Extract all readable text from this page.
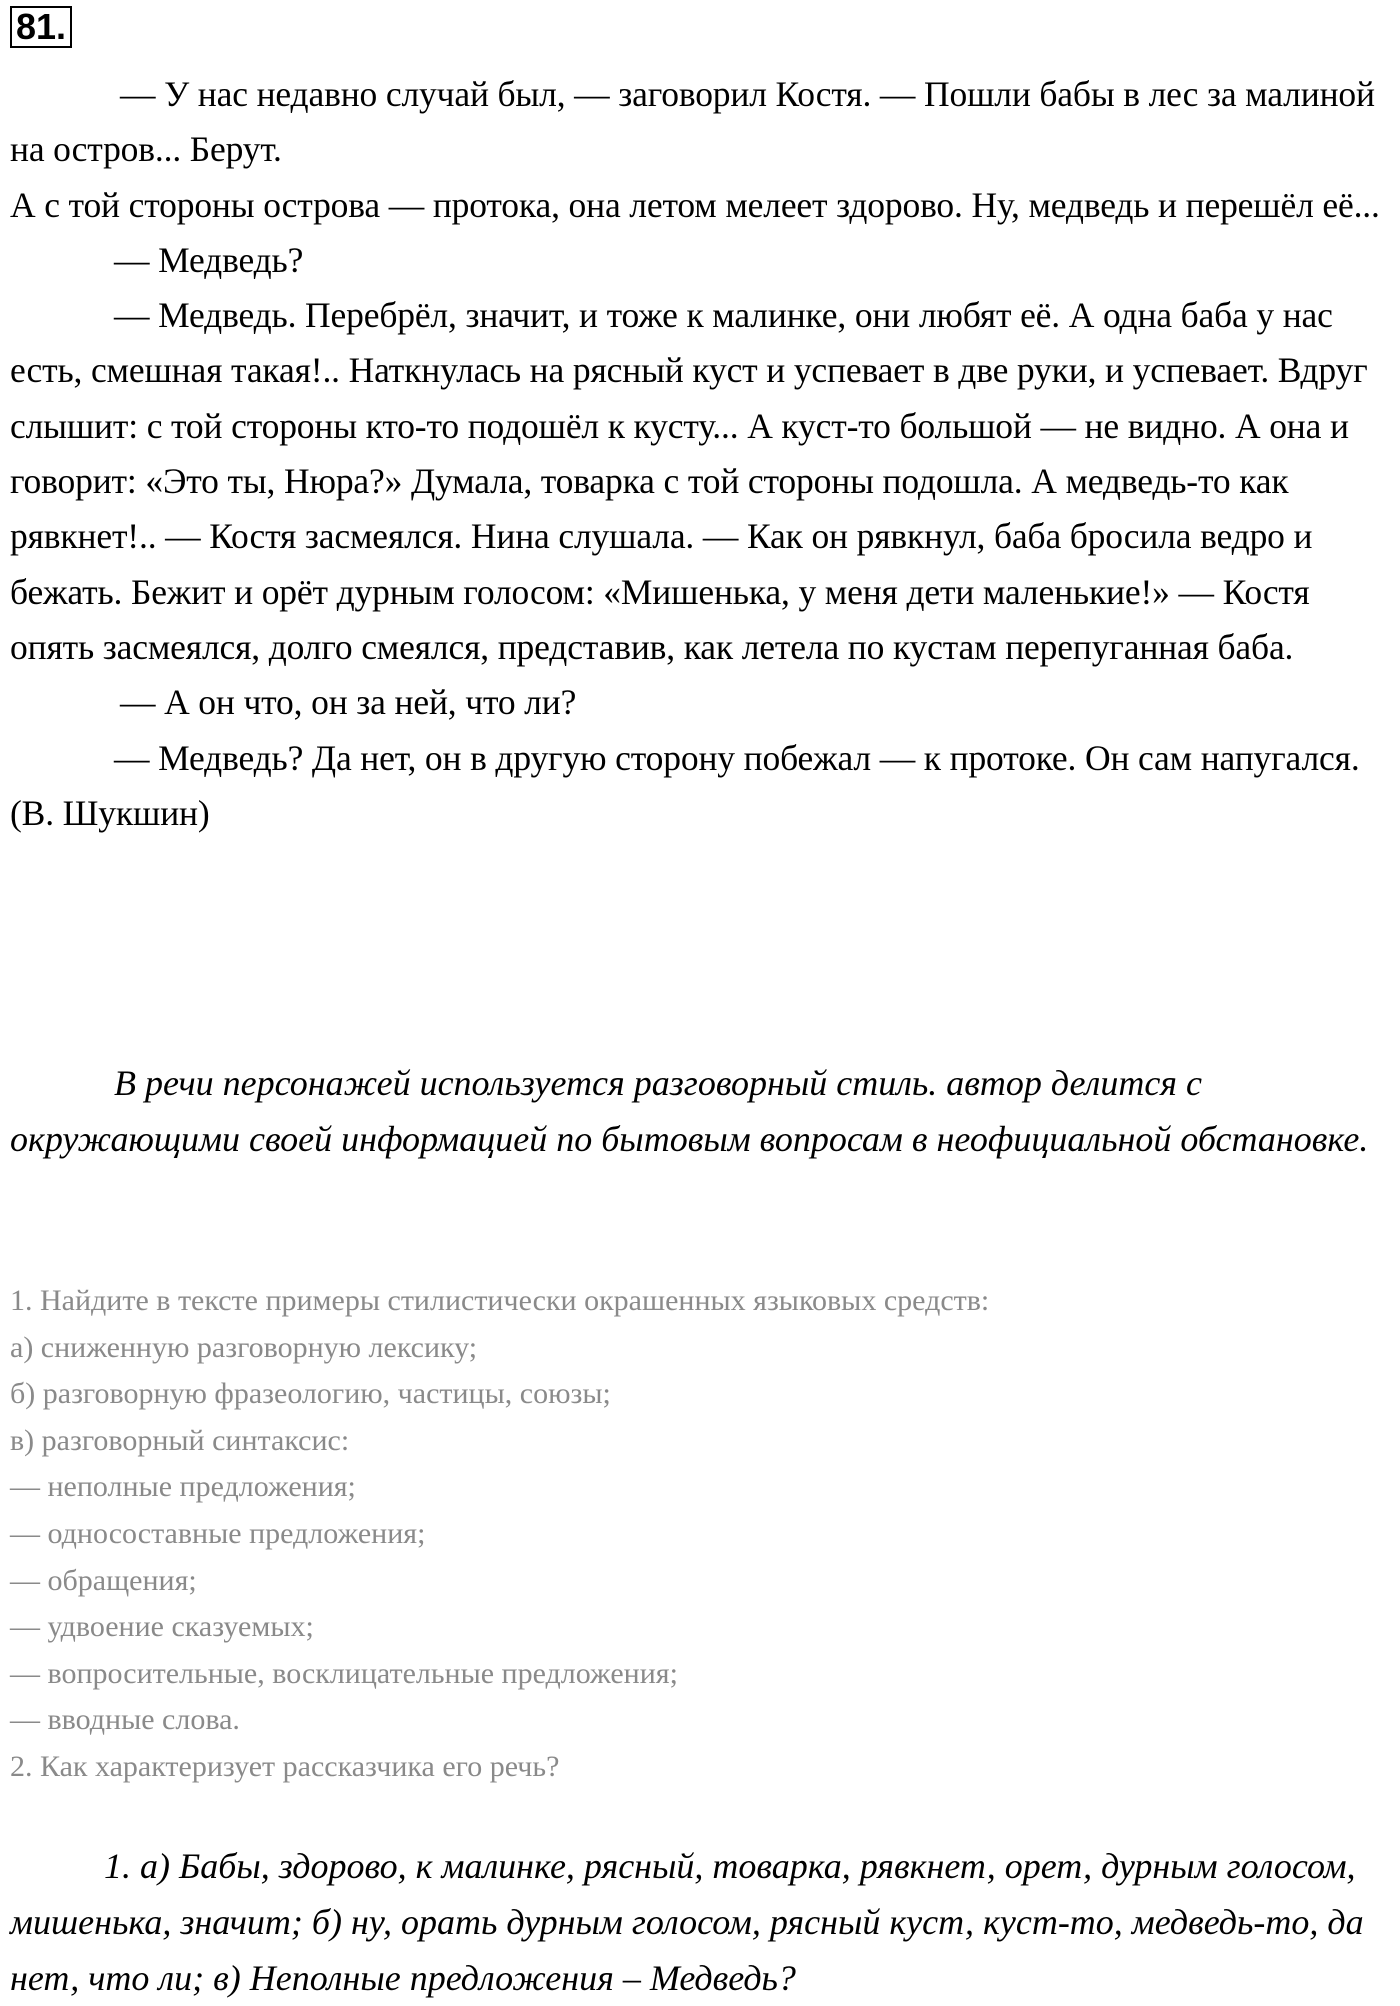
81.

— У нас недавно случай был, — заговорил Костя. — Пошли бабы в лес за малиной на остров... Берут.

А с той стороны острова — протока, она летом мелеет здорово. Ну, медведь и перешёл её...

— Медведь?

— Медведь. Перебрёл, значит, и тоже к малинке, они любят её. А одна баба у нас есть, смешная такая!.. Наткнулась на рясный куст и успевает в две руки, и успевает. Вдруг слышит: с той стороны кто-то подошёл к кусту... А куст-то большой — не видно. А она и говорит: «Это ты, Нюра?» Думала, товарка с той стороны подошла. А медведь-то как рявкнет!.. — Костя засмеялся. Нина слушала. — Как он рявкнул, баба бросила ведро и бежать. Бежит и орёт дурным голосом: «Мишенька, у меня дети маленькие!» — Костя опять засмеялся, долго смеялся, представив, как летела по кустам перепуганная баба.

— А он что, он за ней, что ли?

— Медведь? Да нет, он в другую сторону побежал — к протоке. Он сам напугался. (В. Шукшин)

В речи персонажей используется разговорный стиль. автор делится с окружающими своей информацией по бытовым вопросам в неофициальной обстановке.

1. Найдите в тексте примеры стилистически окрашенных языковых средств:
а) сниженную разговорную лексику;
б) разговорную фразеологию, частицы, союзы;
в) разговорный синтаксис:
— неполные предложения;
— односоставные предложения;
— обращения;
— удвоение сказуемых;
— вопросительные, восклицательные предложения;
— вводные слова.
2. Как характеризует рассказчика его речь?

1. а) Бабы, здорово, к малинке, рясный, товарка, рявкнет, орет, дурным голосом, мишенька, значит; б) ну, орать дурным голосом, рясный куст, куст-то, медведь-то, да нет, что ли; в) Неполные предложения – Медведь?
